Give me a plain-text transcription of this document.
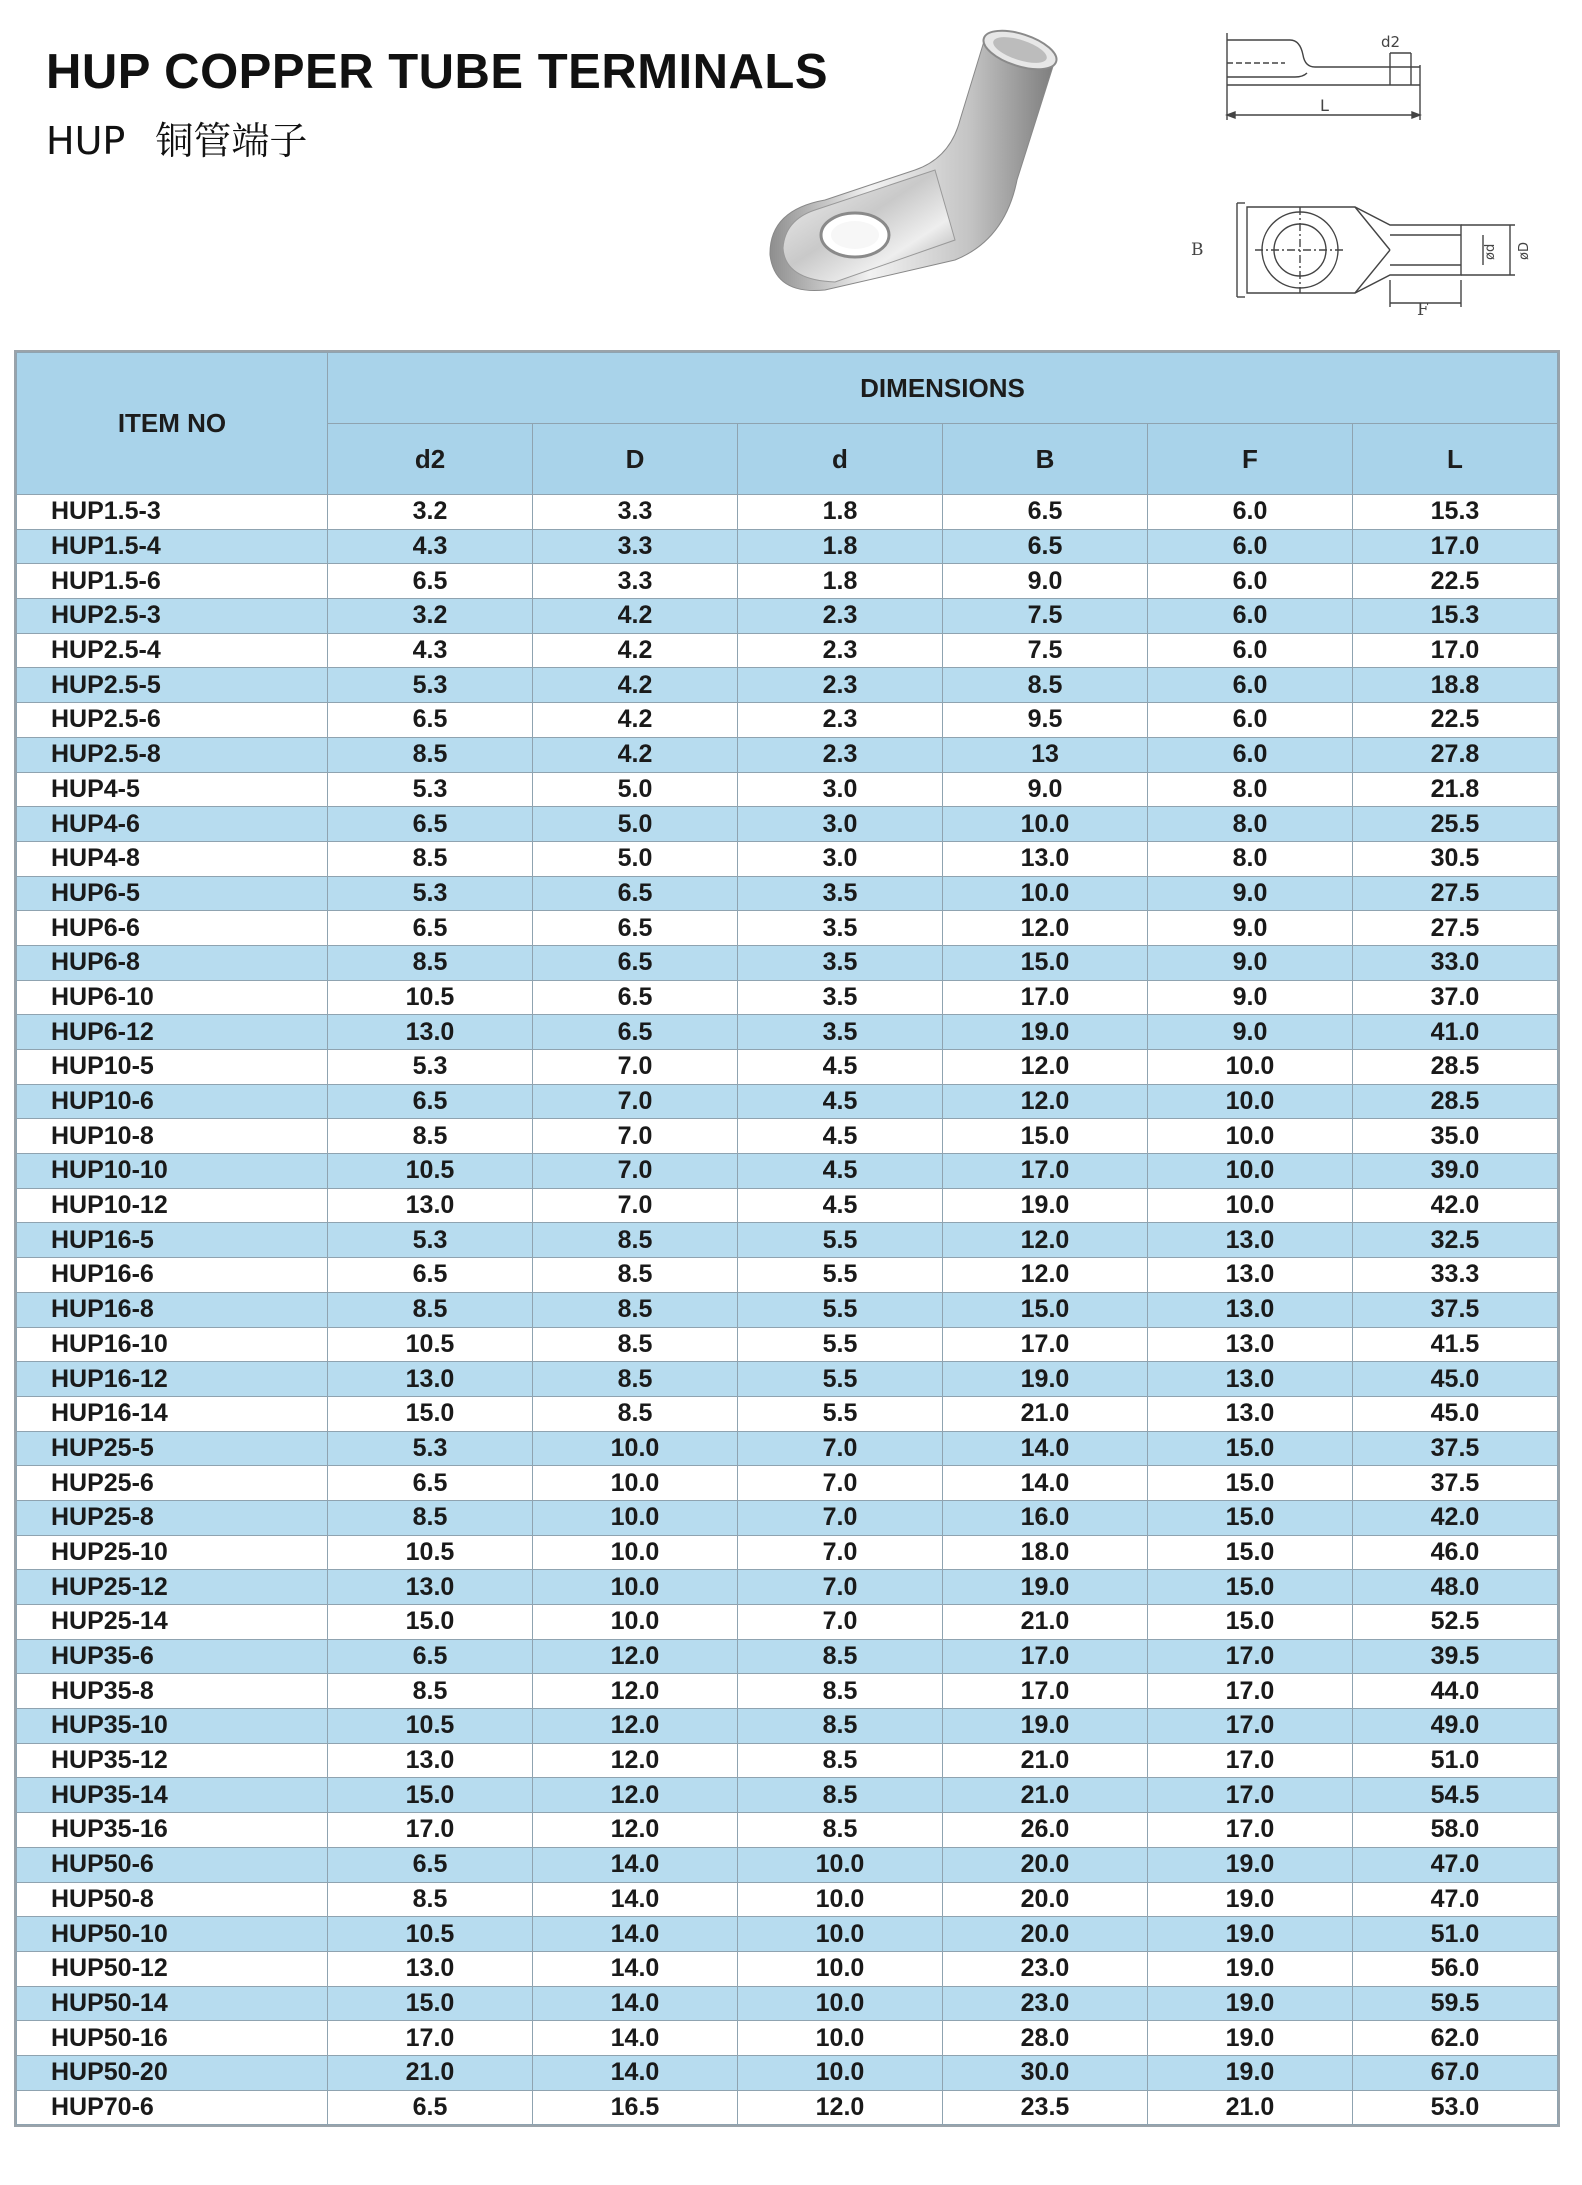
HUP COPPER TUBE TERMINALS
HUP 铜管端子
d2
L
B
F
ød øD
ITEM NO	DIMENSIONS					
	d2	D	d	B	F	L
HUP1.5-3	3.2	3.3	1.8	6.5	6.0	15.3
HUP1.5-4	4.3	3.3	1.8	6.5	6.0	17.0
HUP1.5-6	6.5	3.3	1.8	9.0	6.0	22.5
HUP2.5-3	3.2	4.2	2.3	7.5	6.0	15.3
HUP2.5-4	4.3	4.2	2.3	7.5	6.0	17.0
HUP2.5-5	5.3	4.2	2.3	8.5	6.0	18.8
HUP2.5-6	6.5	4.2	2.3	9.5	6.0	22.5
HUP2.5-8	8.5	4.2	2.3	13	6.0	27.8
HUP4-5	5.3	5.0	3.0	9.0	8.0	21.8
HUP4-6	6.5	5.0	3.0	10.0	8.0	25.5
HUP4-8	8.5	5.0	3.0	13.0	8.0	30.5
HUP6-5	5.3	6.5	3.5	10.0	9.0	27.5
HUP6-6	6.5	6.5	3.5	12.0	9.0	27.5
HUP6-8	8.5	6.5	3.5	15.0	9.0	33.0
HUP6-10	10.5	6.5	3.5	17.0	9.0	37.0
HUP6-12	13.0	6.5	3.5	19.0	9.0	41.0
HUP10-5	5.3	7.0	4.5	12.0	10.0	28.5
HUP10-6	6.5	7.0	4.5	12.0	10.0	28.5
HUP10-8	8.5	7.0	4.5	15.0	10.0	35.0
HUP10-10	10.5	7.0	4.5	17.0	10.0	39.0
HUP10-12	13.0	7.0	4.5	19.0	10.0	42.0
HUP16-5	5.3	8.5	5.5	12.0	13.0	32.5
HUP16-6	6.5	8.5	5.5	12.0	13.0	33.3
HUP16-8	8.5	8.5	5.5	15.0	13.0	37.5
HUP16-10	10.5	8.5	5.5	17.0	13.0	41.5
HUP16-12	13.0	8.5	5.5	19.0	13.0	45.0
HUP16-14	15.0	8.5	5.5	21.0	13.0	45.0
HUP25-5	5.3	10.0	7.0	14.0	15.0	37.5
HUP25-6	6.5	10.0	7.0	14.0	15.0	37.5
HUP25-8	8.5	10.0	7.0	16.0	15.0	42.0
HUP25-10	10.5	10.0	7.0	18.0	15.0	46.0
HUP25-12	13.0	10.0	7.0	19.0	15.0	48.0
HUP25-14	15.0	10.0	7.0	21.0	15.0	52.5
HUP35-6	6.5	12.0	8.5	17.0	17.0	39.5
HUP35-8	8.5	12.0	8.5	17.0	17.0	44.0
HUP35-10	10.5	12.0	8.5	19.0	17.0	49.0
HUP35-12	13.0	12.0	8.5	21.0	17.0	51.0
HUP35-14	15.0	12.0	8.5	21.0	17.0	54.5
HUP35-16	17.0	12.0	8.5	26.0	17.0	58.0
HUP50-6	6.5	14.0	10.0	20.0	19.0	47.0
HUP50-8	8.5	14.0	10.0	20.0	19.0	47.0
HUP50-10	10.5	14.0	10.0	20.0	19.0	51.0
HUP50-12	13.0	14.0	10.0	23.0	19.0	56.0
HUP50-14	15.0	14.0	10.0	23.0	19.0	59.5
HUP50-16	17.0	14.0	10.0	28.0	19.0	62.0
HUP50-20	21.0	14.0	10.0	30.0	19.0	67.0
HUP70-6	6.5	16.5	12.0	23.5	21.0	53.0
